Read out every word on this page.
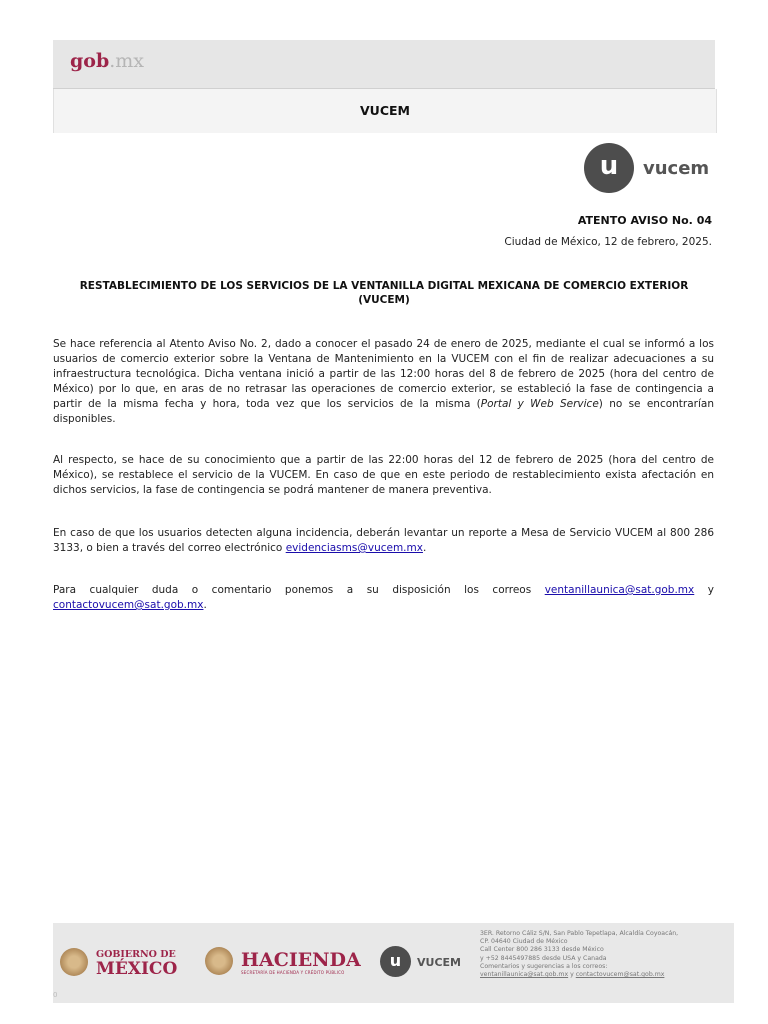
gob.mx
VUCEM
u	vucem
ATENTO AVISO No. 04
Ciudad de México, 12 de febrero, 2025.
RESTABLECIMIENTO DE LOS SERVICIOS DE LA VENTANILLA DIGITAL MEXICANA DE COMERCIO EXTERIOR (VUCEM)

Se hace referencia al Atento Aviso No. 2, dado a conocer el pasado 24 de enero de 2025, mediante el cual se informó a los usuarios de comercio exterior sobre la Ventana de Mantenimiento en la VUCEM con el fin de realizar adecuaciones a su infraestructura tecnológica. Dicha ventana inició a partir de las 12:00 horas del 8 de febrero de 2025 (hora del centro de México) por lo que, en aras de no retrasar las operaciones de comercio exterior, se estableció la fase de contingencia a partir de la misma fecha y hora, toda vez que los servicios de la misma (Portal y Web Service) no se encontrarían disponibles.

Al respecto, se hace de su conocimiento que a partir de las 22:00 horas del 12 de febrero de 2025 (hora del centro de México), se restablece el servicio de la VUCEM. En caso de que en este periodo de restablecimiento exista afectación en dichos servicios, la fase de contingencia se podrá mantener de manera preventiva.

En caso de que los usuarios detecten alguna incidencia, deberán levantar un reporte a Mesa de Servicio VUCEM al 800 286 3133, o bien a través del correo electrónico evidenciasms@vucem.mx.

Para cualquier duda o comentario ponemos a su disposición los correos ventanillaunica@sat.gob.mx y contactovucem@sat.gob.mx.

GOBIERNO DE
MÉXICO	HACIENDA
SECRETARÍA DE HACIENDA Y CRÉDITO PÚBLICO
u	VUCEM
3ER. Retorno Cáliz S/N, San Pablo Tepetlapa, Alcaldía Coyoacán,
CP. 04640 Ciudad de México
Call Center 800 286 3133 desde México
y +52 8445497885 desde USA y Canada
Comentarios y sugerencias a los correos:
ventanillaunica@sat.gob.mx y contactovucem@sat.gob.mx
0
